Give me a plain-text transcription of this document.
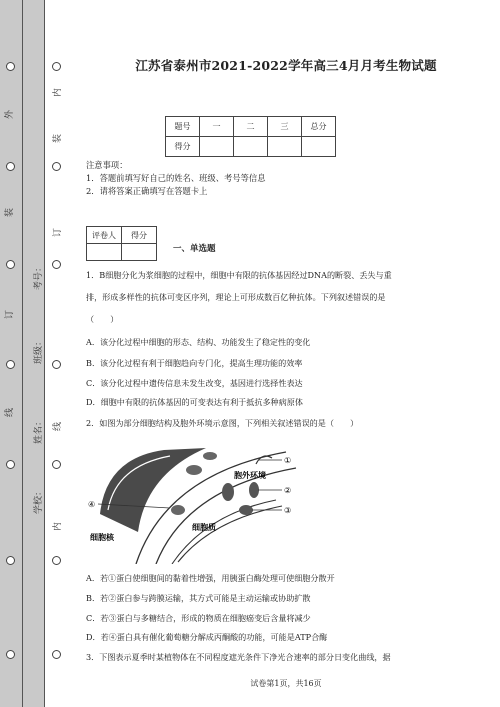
外
装
订
线
内
装
订
线
内
学校：
姓名：
班级：
考号：
江苏省泰州市2021-2022学年高三4月月考生物试题
题号	一	二	三	总分
得分				
注意事项：
1．答题前填写好自己的姓名、班级、考号等信息
2．请将答案正确填写在答题卡上
评卷人	得分

一、单选题
1．B细胞分化为浆细胞的过程中，细胞中有限的抗体基因经过DNA的断裂、丢失与重
排，形成多样性的抗体可变区序列，理论上可形成数百亿种抗体。下列叙述错误的是
（　　）
A．该分化过程中细胞的形态、结构、功能发生了稳定性的变化
B．该分化过程有利于细胞趋向专门化，提高生理功能的效率
C．该分化过程中遗传信息未发生改变，基因进行选择性表达
D．细胞中有限的抗体基因的可变表达有利于抵抗多种病原体
2．如图为部分细胞结构及胞外环境示意图，下列相关叙述错误的是（　　）
①
②
③
④
胞外环境
细胞质
细胞核
A．若①蛋白使细胞间的黏着性增强，用胰蛋白酶处理可使细胞分散开
B．若②蛋白参与跨膜运输，其方式可能是主动运输或协助扩散
C．若③蛋白与多糖结合，形成的物质在细胞癌变后含量将减少
D．若④蛋白具有催化葡萄糖分解成丙酮酸的功能，可能是ATP合酶
3．下图表示夏季时某植物体在不同程度遮光条件下净光合速率的部分日变化曲线，据
试卷第1页，共16页
